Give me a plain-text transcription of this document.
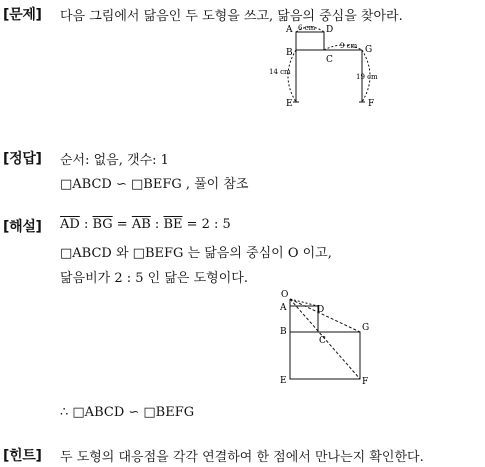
[문제] 다음 그림에서 닮음인 두 도형을 쓰고, 닮음의 중심을 찾아라.
A	D
B
C
G
E	F
6 cm
9 cm
14 cm
19 cm
[정답] 순서: 없음, 갯수: 1
□ABCD ∽ □BEFG , 풀이 참조
[해설] $\overline{AD}$ : $\overline{BG} = \overline{AB}$ : $\overline{BE} = 2$ : 5
□ABCD 와 □BEFG 는 닮음의 중심이 O 이고,
닮음비가 2 : 5 인 닮은 도형이다.
O
A	D
B
C
G
E	F
∴ □ABCD ∽ □BEFG
[힌트] 두 도형의 대응점을 각각 연결하여 한 점에서 만나는지 확인한다.
